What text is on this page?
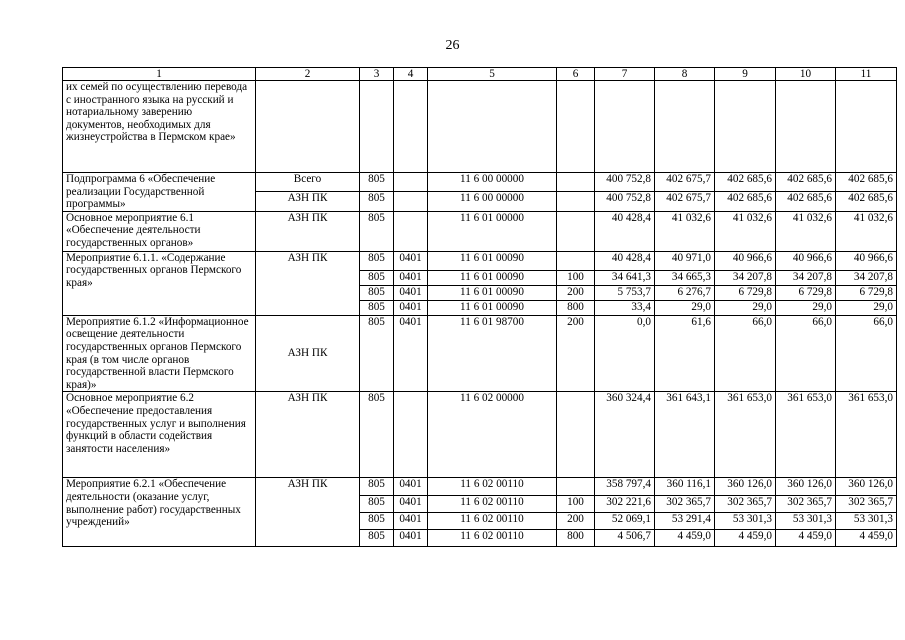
26
1	2	3	4	5	6	7	8	9	10	11
их семей по осуществлению перевода с иностранного языка на русский и нотариальному заверению документов, необходимых для жизнеустройства в Пермском крае»										
Подпрограмма 6 «Обеспечение реализации Государственной программы»	Всего	805		11 6 00 00000		400 752,8	402 675,7	402 685,6	402 685,6	402 685,6
	АЗН ПК	805		11 6 00 00000		400 752,8	402 675,7	402 685,6	402 685,6	402 685,6
Основное мероприятие 6.1 «Обеспечение деятельности государственных органов»	АЗН ПК	805		11 6 01 00000		40 428,4	41 032,6	41 032,6	41 032,6	41 032,6
Мероприятие 6.1.1. «Содержание государственных органов Пермского края»	АЗН ПК	805	0401	11 6 01 00090		40 428,4	40 971,0	40 966,6	40 966,6	40 966,6
		805	0401	11 6 01 00090	100	34 641,3	34 665,3	34 207,8	34 207,8	34 207,8
		805	0401	11 6 01 00090	200	5 753,7	6 276,7	6 729,8	6 729,8	6 729,8
		805	0401	11 6 01 00090	800	33,4	29,0	29,0	29,0	29,0
Мероприятие 6.1.2 «Информационное освещение деятельности государственных органов Пермского края (в том числе органов государственной власти Пермского края)»	АЗН ПК	805	0401	11 6 01 98700	200	0,0	61,6	66,0	66,0	66,0
Основное мероприятие 6.2 «Обеспечение предоставления государственных услуг и выполнения функций в области содействия занятости населения»	АЗН ПК	805		11 6 02 00000		360 324,4	361 643,1	361 653,0	361 653,0	361 653,0
Мероприятие 6.2.1 «Обеспечение деятельности (оказание услуг, выполнение работ) государственных учреждений»	АЗН ПК	805	0401	11 6 02 00110		358 797,4	360 116,1	360 126,0	360 126,0	360 126,0
		805	0401	11 6 02 00110	100	302 221,6	302 365,7	302 365,7	302 365,7	302 365,7
		805	0401	11 6 02 00110	200	52 069,1	53 291,4	53 301,3	53 301,3	53 301,3
		805	0401	11 6 02 00110	800	4 506,7	4 459,0	4 459,0	4 459,0	4 459,0
